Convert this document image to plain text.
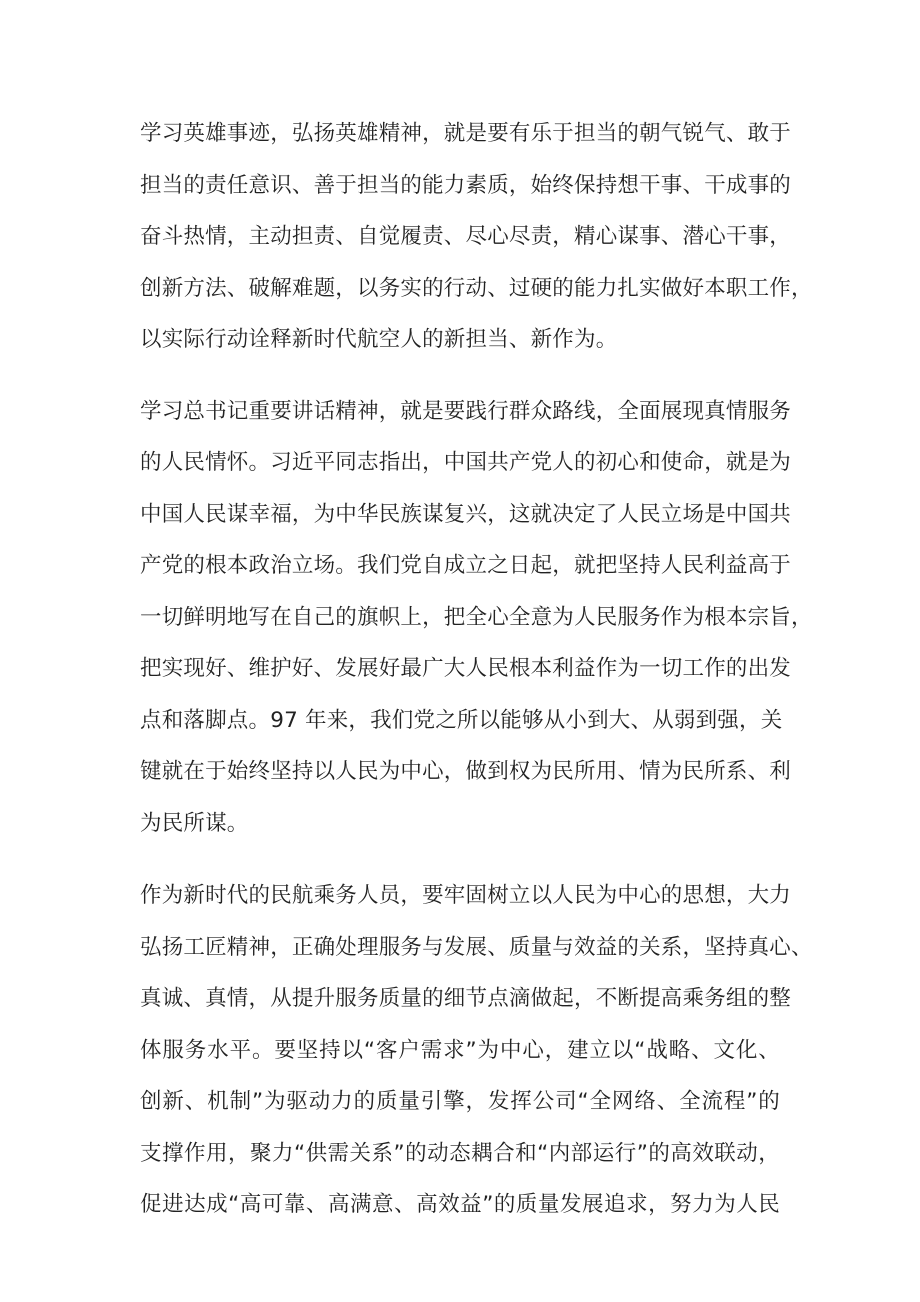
学习英雄事迹，弘扬英雄精神，就是要有乐于担当的朝气锐气、敢于
担当的责任意识、善于担当的能力素质，始终保持想干事、干成事的
奋斗热情，主动担责、自觉履责、尽心尽责，精心谋事、潜心干事，
创新方法、破解难题，以务实的行动、过硬的能力扎实做好本职工作，
以实际行动诠释新时代航空人的新担当、新作为。
学习总书记重要讲话精神，就是要践行群众路线，全面展现真情服务
的人民情怀。习近平同志指出，中国共产党人的初心和使命，就是为
中国人民谋幸福，为中华民族谋复兴，这就决定了人民立场是中国共
产党的根本政治立场。我们党自成立之日起，就把坚持人民利益高于
一切鲜明地写在自己的旗帜上，把全心全意为人民服务作为根本宗旨，
把实现好、维护好、发展好最广大人民根本利益作为一切工作的出发
点和落脚点。97 年来，我们党之所以能够从小到大、从弱到强，关
键就在于始终坚持以人民为中心，做到权为民所用、情为民所系、利
为民所谋。
作为新时代的民航乘务人员，要牢固树立以人民为中心的思想，大力
弘扬工匠精神，正确处理服务与发展、质量与效益的关系，坚持真心、
真诚、真情，从提升服务质量的细节点滴做起，不断提高乘务组的整
体服务水平。要坚持以“客户需求”为中心，建立以“战略、文化、
创新、机制”为驱动力的质量引擎，发挥公司“全网络、全流程”的
支撑作用，聚力“供需关系”的动态耦合和“内部运行”的高效联动，
促进达成“高可靠、高满意、高效益”的质量发展追求，努力为人民
